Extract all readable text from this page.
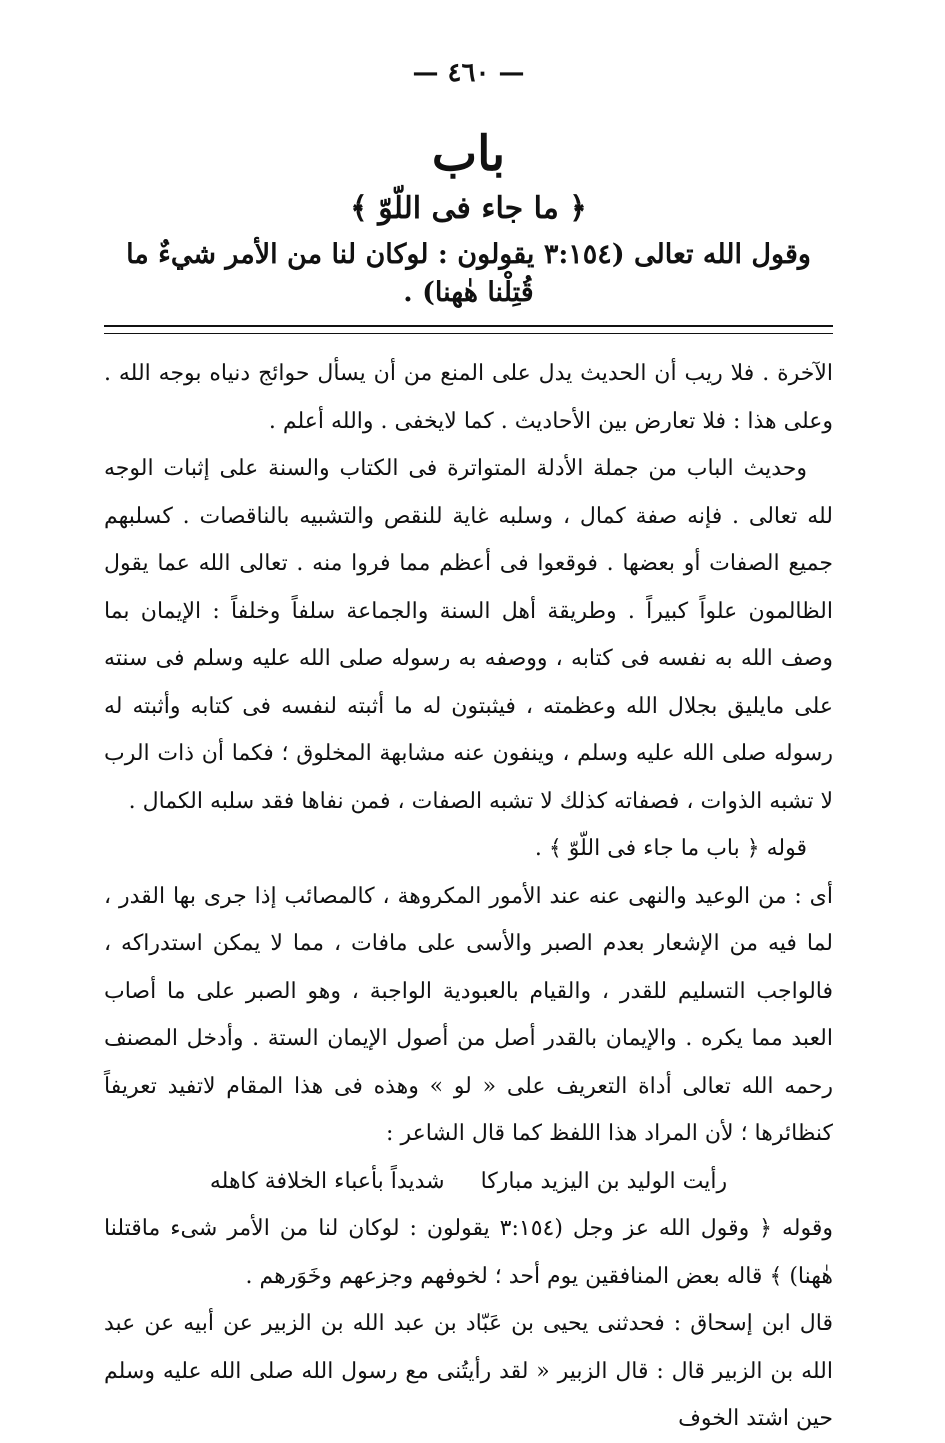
— ٤٦٠ —
باب
﴿ ما جاء فى اللّوّ ﴾
وقول الله تعالى (٣:١٥٤ يقولون : لوكان لنا من الأمر شيءٌ ما قُتِلْنا هٰهنا) .

الآخرة . فلا ريب أن الحديث يدل على المنع من أن يسأل حوائج دنياه بوجه الله . وعلى هذا : فلا تعارض بين الأحاديث . كما لايخفى . والله أعلم .

وحديث الباب من جملة الأدلة المتواترة فى الكتاب والسنة على إثبات الوجه لله تعالى . فإنه صفة كمال ، وسلبه غاية للنقص والتشبيه بالناقصات . كسلبهم جميع الصفات أو بعضها . فوقعوا فى أعظم مما فروا منه . تعالى الله عما يقول الظالمون علواً كبيراً . وطريقة أهل السنة والجماعة سلفاً وخلفاً : الإيمان بما وصف الله به نفسه فى كتابه ، ووصفه به رسوله صلى الله عليه وسلم فى سنته على مايليق بجلال الله وعظمته ، فيثبتون له ما أثبته لنفسه فى كتابه وأثبته له رسوله صلى الله عليه وسلم ، وينفون عنه مشابهة المخلوق ؛ فكما أن ذات الرب لا تشبه الذوات ، فصفاته كذلك لا تشبه الصفات ، فمن نفاها فقد سلبه الكمال .

قوله ﴿ باب ما جاء فى اللّوّ ﴾ .

أى : من الوعيد والنهى عنه عند الأمور المكروهة ، كالمصائب إذا جرى بها القدر ، لما فيه من الإشعار بعدم الصبر والأسى على مافات ، مما لا يمكن استدراكه ، فالواجب التسليم للقدر ، والقيام بالعبودية الواجبة ، وهو الصبر على ما أصاب العبد مما يكره . والإيمان بالقدر أصل من أصول الإيمان الستة . وأدخل المصنف رحمه الله تعالى أداة التعريف على « لو » وهذه فى هذا المقام لاتفيد تعريفاً كنظائرها ؛ لأن المراد هذا اللفظ كما قال الشاعر :

رأيت الوليد بن اليزيد مباركا
شديداً بأعباء الخلافة كاهله

وقوله ﴿ وقول الله عز وجل (٣:١٥٤ يقولون : لوكان لنا من الأمر شىء ماقتلنا هٰهنا) ﴾ قاله بعض المنافقين يوم أحد ؛ لخوفهم وجزعهم وخَوَرهم .

قال ابن إسحاق : فحدثنى يحيى بن عَبّاد بن عبد الله بن الزبير عن أبيه عن عبد الله بن الزبير قال : قال الزبير « لقد رأيتُنى مع رسول الله صلى الله عليه وسلم حين اشتد الخوف
